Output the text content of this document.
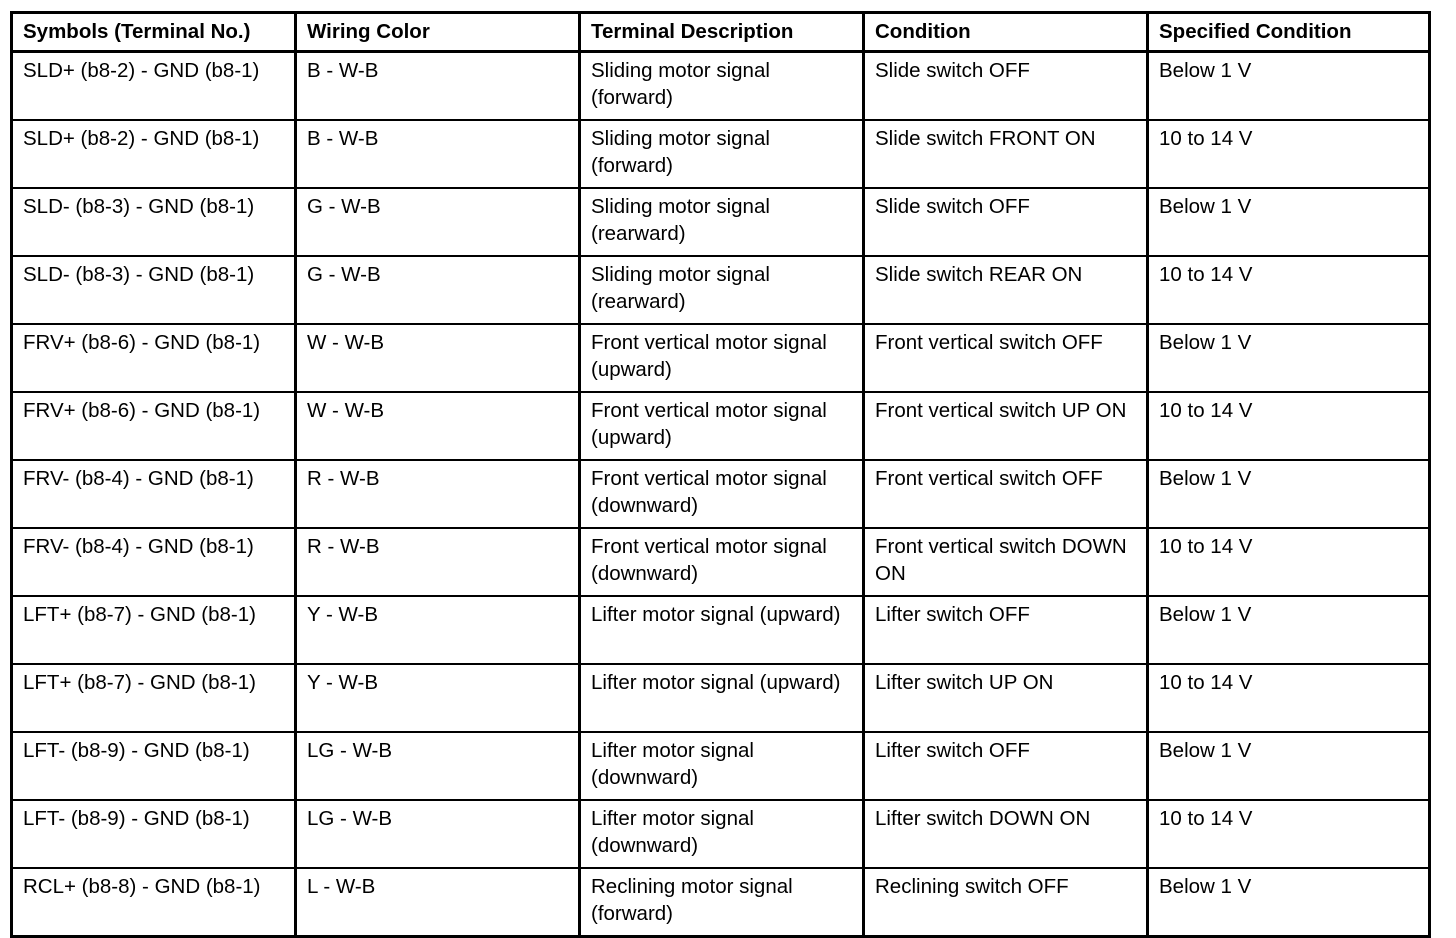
Symbols (Terminal No.)	Wiring Color	Terminal Description	Condition	Specified Condition
SLD+ (b8-2) - GND (b8-1)	B - W-B	Sliding motor signal (forward)	Slide switch OFF	Below 1 V
SLD+ (b8-2) - GND (b8-1)	B - W-B	Sliding motor signal (forward)	Slide switch FRONT ON	10 to 14 V
SLD- (b8-3) - GND (b8-1)	G - W-B	Sliding motor signal (rearward)	Slide switch OFF	Below 1 V
SLD- (b8-3) - GND (b8-1)	G - W-B	Sliding motor signal (rearward)	Slide switch REAR ON	10 to 14 V
FRV+ (b8-6) - GND (b8-1)	W - W-B	Front vertical motor signal (upward)	Front vertical switch OFF	Below 1 V
FRV+ (b8-6) - GND (b8-1)	W - W-B	Front vertical motor signal (upward)	Front vertical switch UP ON	10 to 14 V
FRV- (b8-4) - GND (b8-1)	R - W-B	Front vertical motor signal (downward)	Front vertical switch OFF	Below 1 V
FRV- (b8-4) - GND (b8-1)	R - W-B	Front vertical motor signal (downward)	Front vertical switch DOWN ON	10 to 14 V
LFT+ (b8-7) - GND (b8-1)	Y - W-B	Lifter motor signal (upward)	Lifter switch OFF	Below 1 V
LFT+ (b8-7) - GND (b8-1)	Y - W-B	Lifter motor signal (upward)	Lifter switch UP ON	10 to 14 V
LFT- (b8-9) - GND (b8-1)	LG - W-B	Lifter motor signal (downward)	Lifter switch OFF	Below 1 V
LFT- (b8-9) - GND (b8-1)	LG - W-B	Lifter motor signal (downward)	Lifter switch DOWN ON	10 to 14 V
RCL+ (b8-8) - GND (b8-1)	L - W-B	Reclining motor signal (forward)	Reclining switch OFF	Below 1 V
